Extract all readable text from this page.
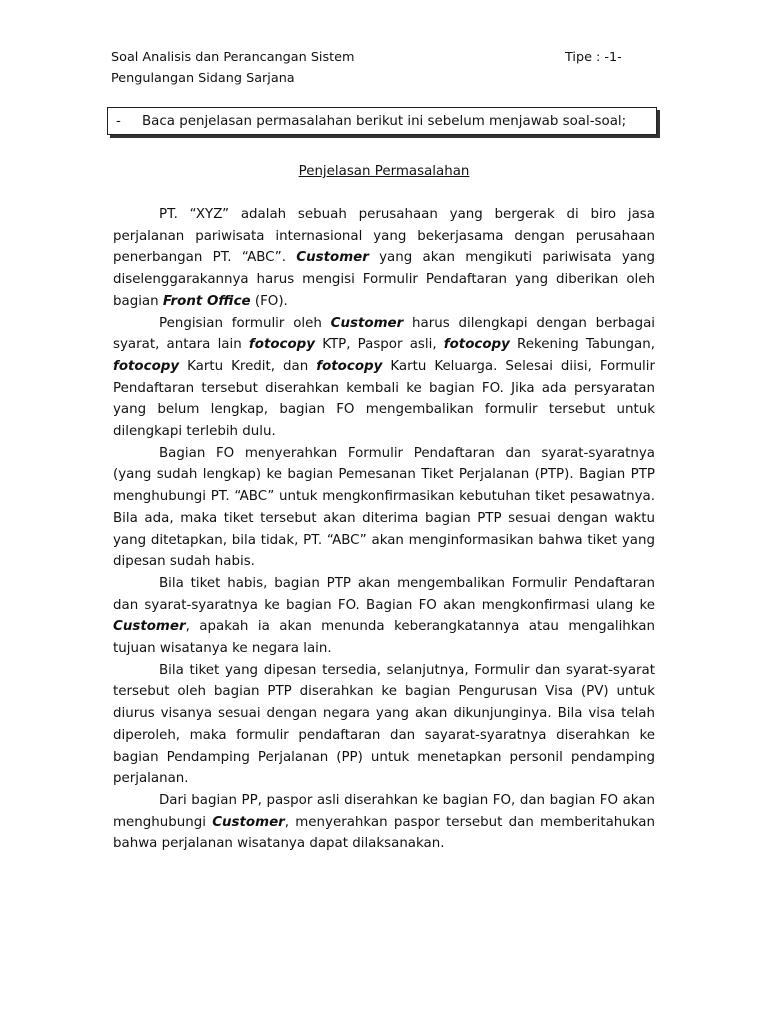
Soal Analisis dan Perancangan Sistem
Pengulangan Sidang Sarjana
Tipe : -1-
-	Baca penjelasan permasalahan berikut ini sebelum menjawab soal-soal;
Penjelasan Permasalahan

PT. “XYZ” adalah sebuah perusahaan yang bergerak di biro jasa perjalanan pariwisata internasional yang bekerjasama dengan perusahaan penerbangan PT. “ABC”. Customer yang akan mengikuti pariwisata yang diselenggarakannya harus mengisi Formulir Pendaftaran yang diberikan oleh bagian Front Office (FO).

Pengisian formulir oleh Customer harus dilengkapi dengan berbagai syarat, antara lain fotocopy KTP, Paspor asli, fotocopy Rekening Tabungan, fotocopy Kartu Kredit, dan fotocopy Kartu Keluarga. Selesai diisi, Formulir Pendaftaran tersebut diserahkan kembali ke bagian FO. Jika ada persyaratan yang belum lengkap, bagian FO mengembalikan formulir tersebut untuk dilengkapi terlebih dulu.

Bagian FO menyerahkan Formulir Pendaftaran dan syarat-syaratnya (yang sudah lengkap) ke bagian Pemesanan Tiket Perjalanan (PTP). Bagian PTP menghubungi PT. “ABC” untuk mengkonfirmasikan kebutuhan tiket pesawatnya. Bila ada, maka tiket tersebut akan diterima bagian PTP sesuai dengan waktu yang ditetapkan, bila tidak, PT. “ABC” akan menginformasikan bahwa tiket yang dipesan sudah habis.

Bila tiket habis, bagian PTP akan mengembalikan Formulir Pendaftaran dan syarat-syaratnya ke bagian FO. Bagian FO akan mengkonfirmasi ulang ke Customer, apakah ia akan menunda keberangkatannya atau mengalihkan tujuan wisatanya ke negara lain.

Bila tiket yang dipesan tersedia, selanjutnya, Formulir dan syarat-syarat tersebut oleh bagian PTP diserahkan ke bagian Pengurusan Visa (PV) untuk diurus visanya sesuai dengan negara yang akan dikunjunginya. Bila visa telah diperoleh, maka formulir pendaftaran dan sayarat-syaratnya diserahkan ke bagian Pendamping Perjalanan (PP) untuk menetapkan personil pendamping perjalanan.

Dari bagian PP, paspor asli diserahkan ke bagian FO, dan bagian FO akan menghubungi Customer, menyerahkan paspor tersebut dan memberitahukan bahwa perjalanan wisatanya dapat dilaksanakan.
